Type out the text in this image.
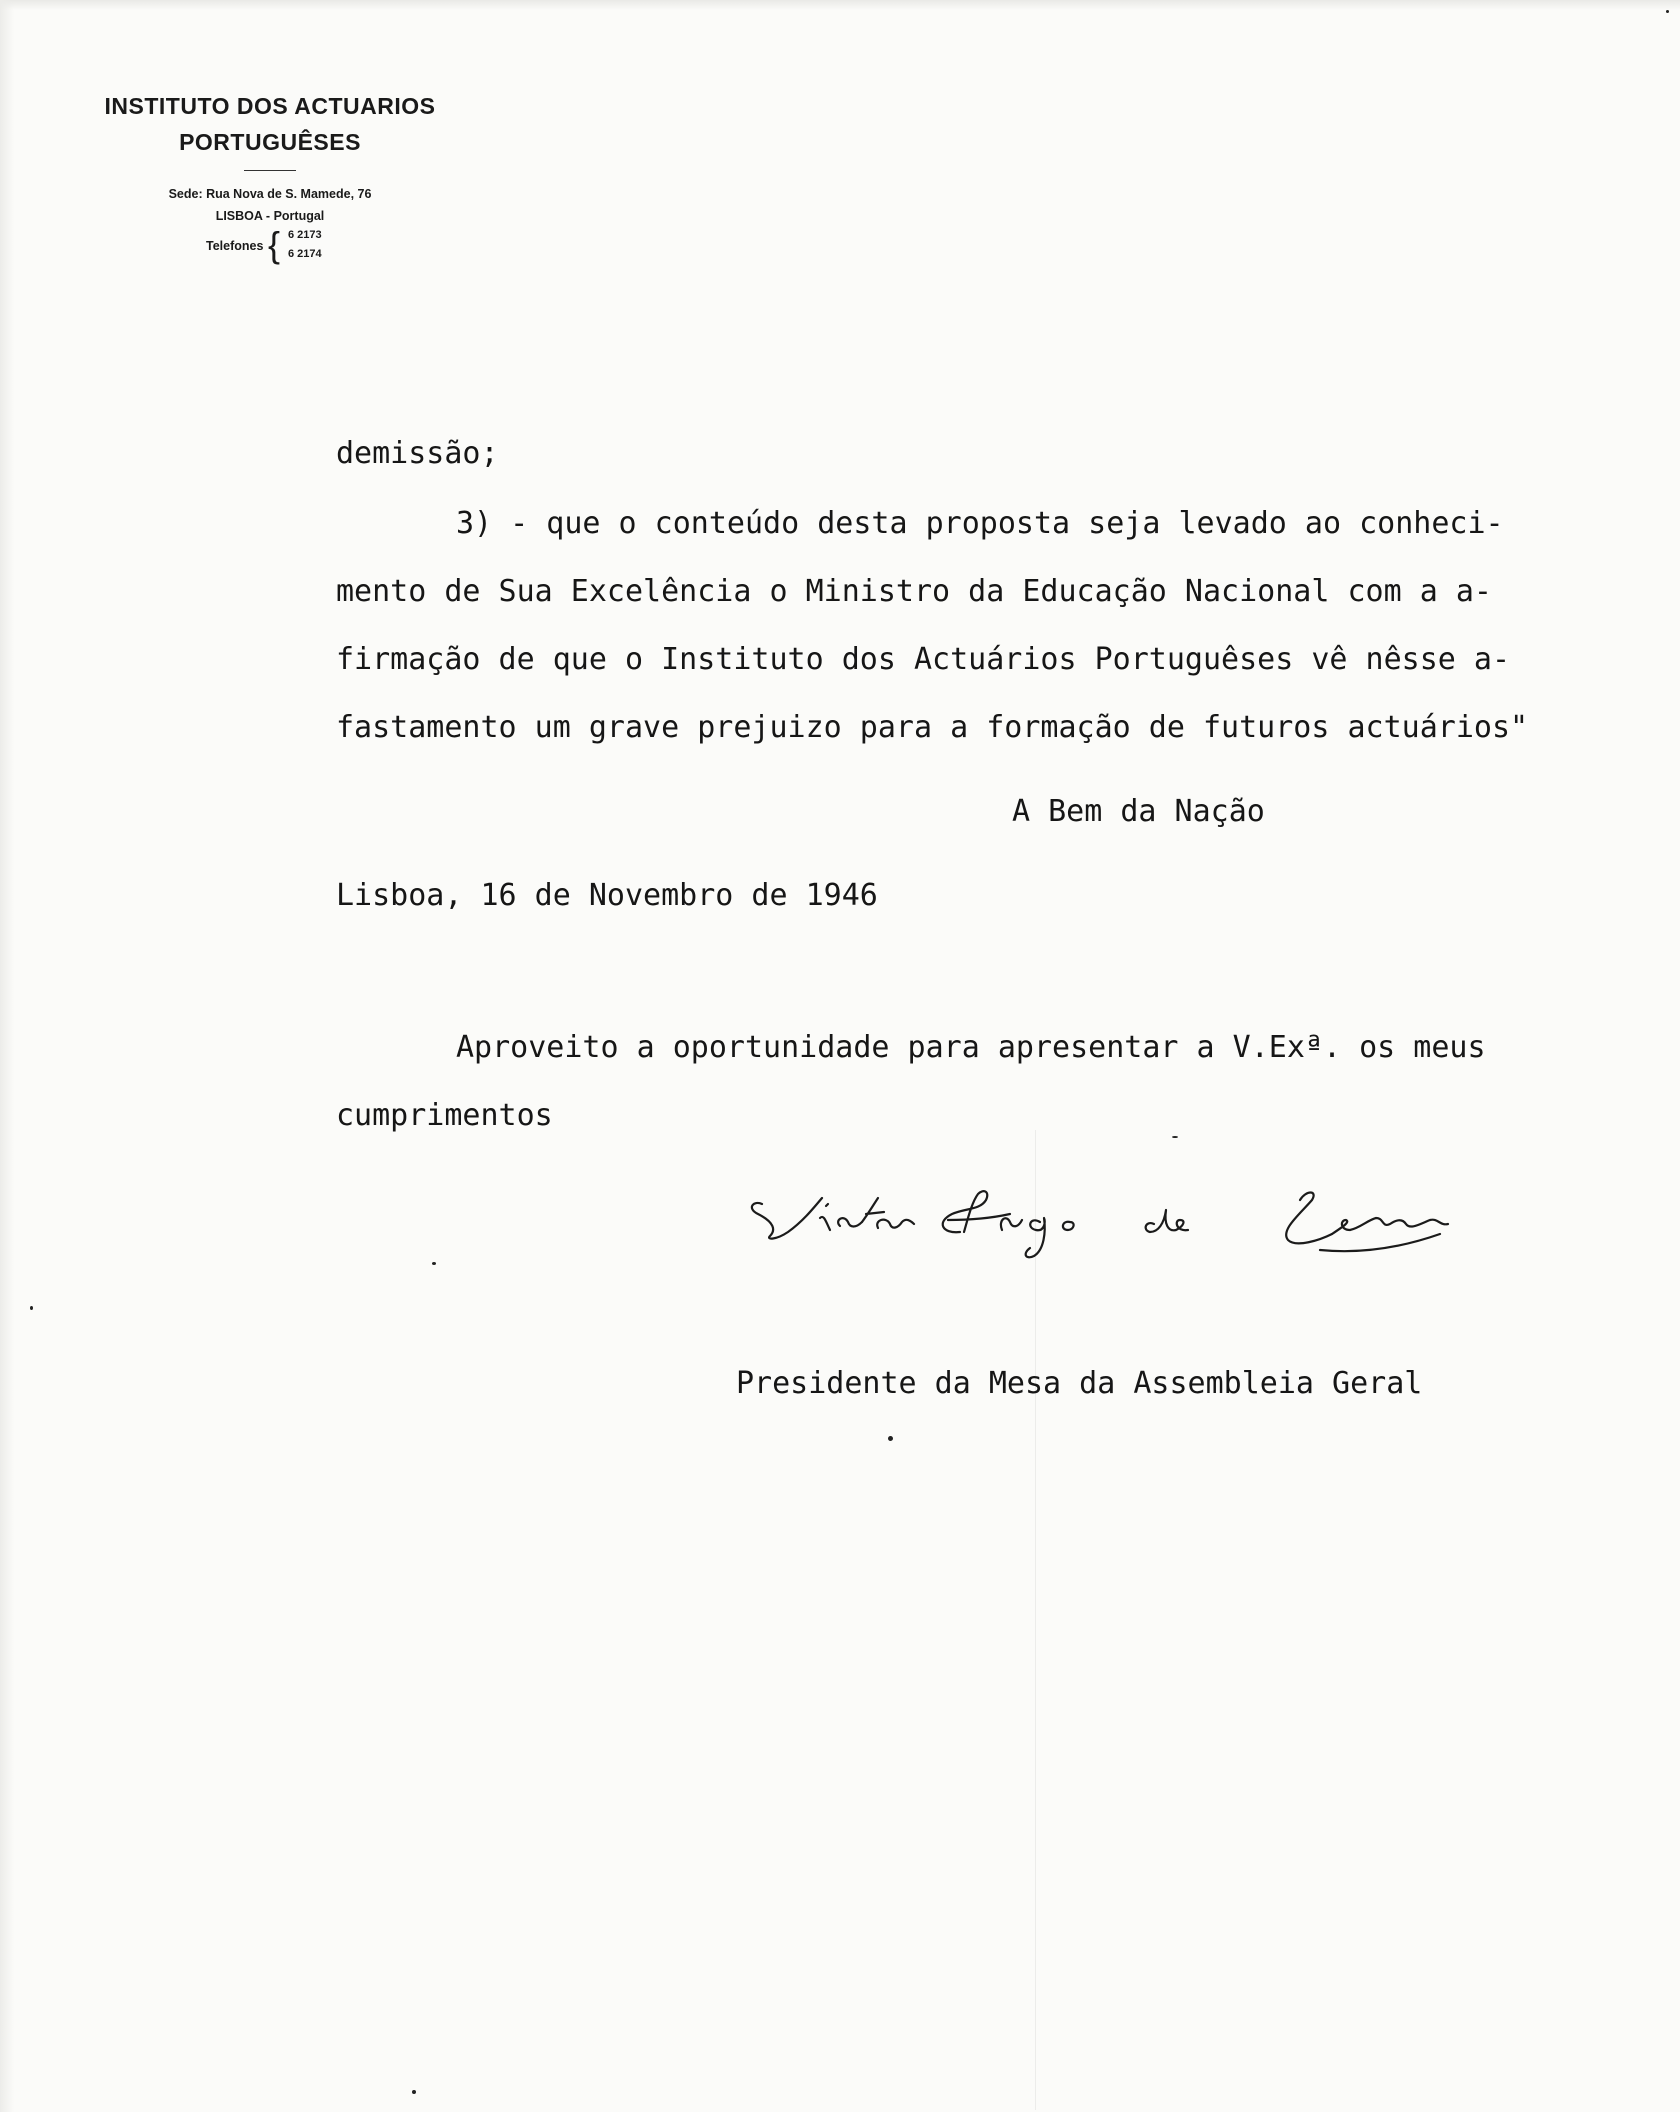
INSTITUTO DOS ACTUARIOS
PORTUGUÊSES
Sede: Rua Nova de S. Mamede, 76
LISBOA - Portugal
Telefones { 6 2173
6 2174
demissão;
3) - que o conteúdo desta proposta seja levado ao conheci-
mento de Sua Excelência o Ministro da Educação Nacional com a a-
firmação de que o Instituto dos Actuários Portuguêses vê nêsse a-
fastamento um grave prejuizo para a formação de futuros actuários"
A Bem da Nação
Lisboa, 16 de Novembro de 1946
Aproveito a oportunidade para apresentar a V.Exª. os meus
cumprimentos
Presidente da Mesa da Assembleia Geral
